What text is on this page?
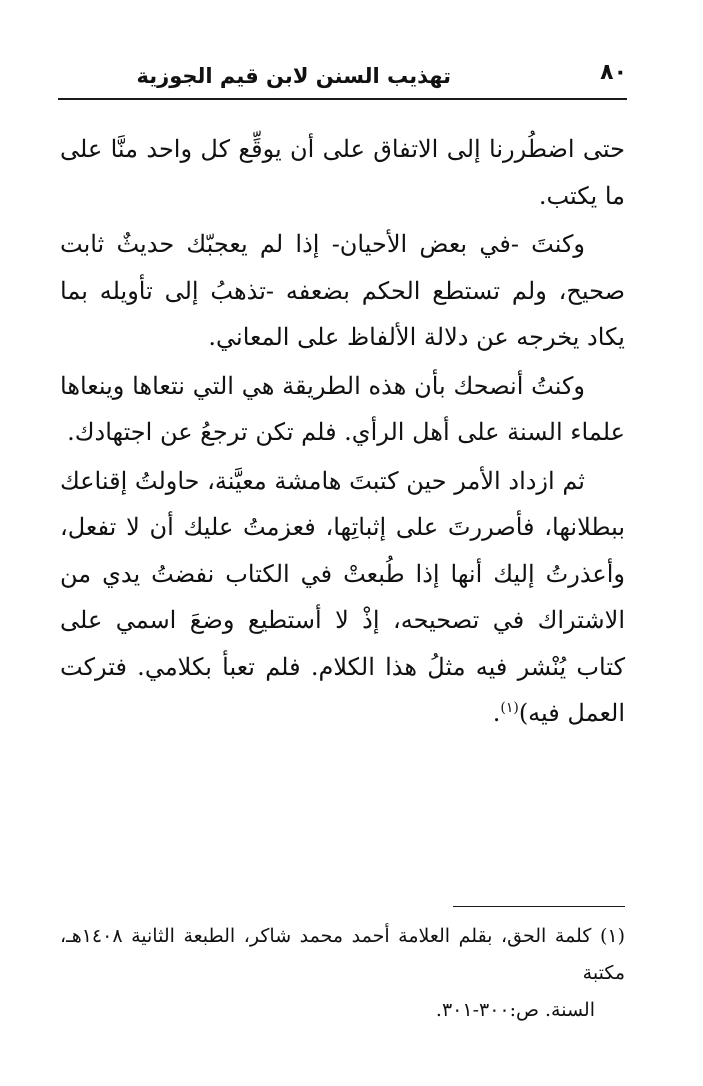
٨٠
تهذيب السنن لابن قيم الجوزية

حتى اضطُررنا إلى الاتفاق على أن يوقِّع كل واحد منَّا على ما يكتب.

وكنتَ -في بعض الأحيان- إذا لم يعجبّك حديثٌ ثابت صحيح، ولم تستطع الحكم بضعفه -تذهبُ إلى تأويله بما يكاد يخرجه عن دلالة الألفاظ على المعاني.

وكنتُ أنصحك بأن هذه الطريقة هي التي نتعاها وينعاها علماء السنة على أهل الرأي. فلم تكن ترجعُ عن اجتهادك.

ثم ازداد الأمر حين كتبتَ هامشة معيَّنة، حاولتُ إقناعك ببطلانها، فأصررتَ على إثباتِها، فعزمتُ عليك أن لا تفعل، وأعذرتُ إليك أنها إذا طُبعتْ في الكتاب نفضتُ يدي من الاشتراك في تصحيحه، إذْ لا أستطيع وضعَ اسمي على كتاب يُنْشر فيه مثلُ هذا الكلام. فلم تعبأ بكلامي. فتركت العمل فيه)$^{(١)}$.

(١) كلمة الحق، بقلم العلامة أحمد محمد شاكر، الطبعة الثانية ١٤٠٨هـ، مكتبة
السنة. ص:٣٠٠-٣٠١.
